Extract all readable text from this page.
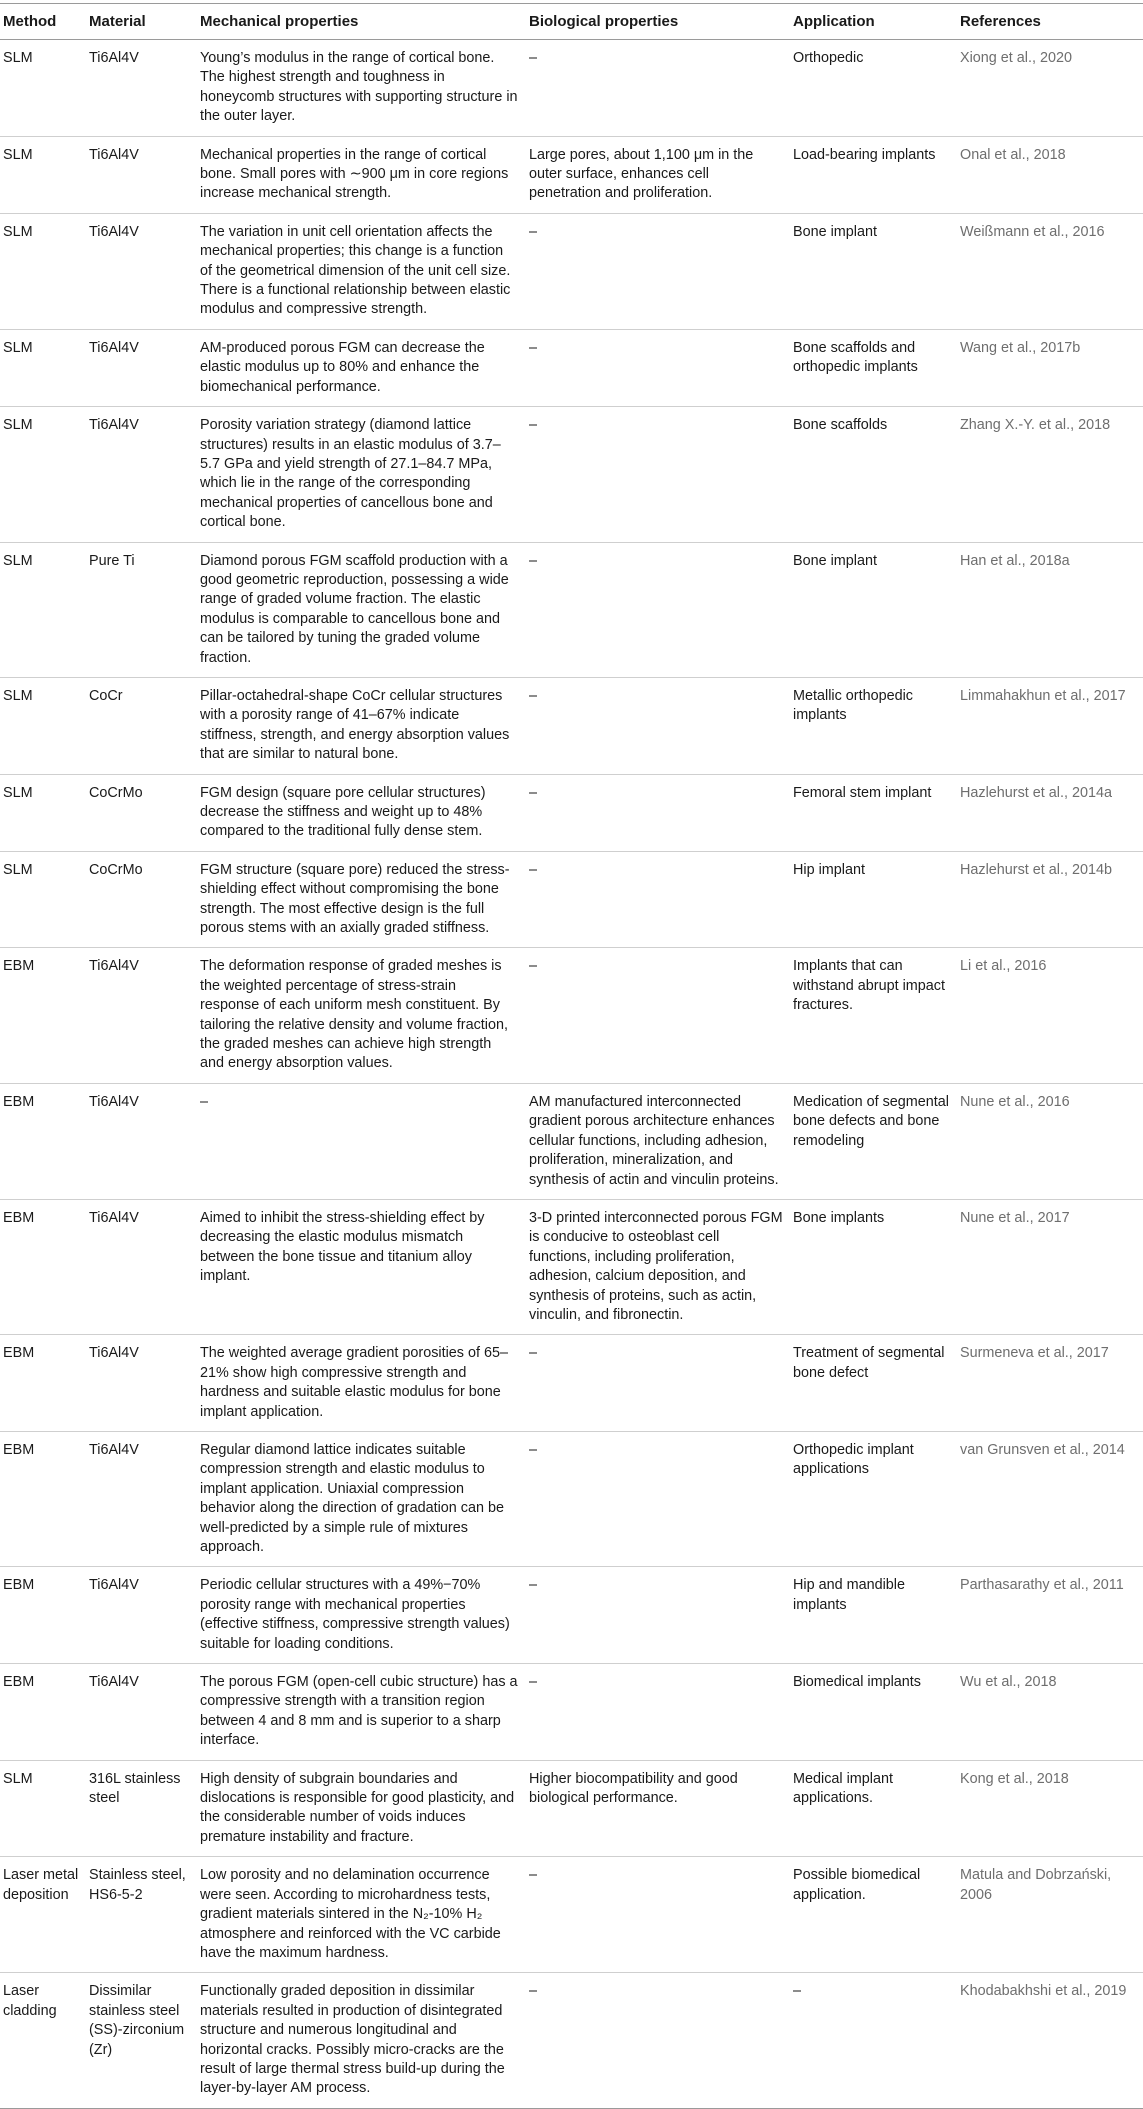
Method	Material	Mechanical properties	Biological properties	Application	References
SLM	Ti6Al4V	Young’s modulus in the range of cortical bone. The highest strength and toughness in honeycomb structures with supporting structure in the outer layer.	–	Orthopedic	Xiong et al., 2020
SLM	Ti6Al4V	Mechanical properties in the range of cortical bone. Small pores with ∼900 μm in core regions increase mechanical strength.	Large pores, about 1,100 μm in the outer surface, enhances cell penetration and proliferation.	Load-bearing implants	Onal et al., 2018
SLM	Ti6Al4V	The variation in unit cell orientation affects the mechanical properties; this change is a function of the geometrical dimension of the unit cell size. There is a functional relationship between elastic modulus and compressive strength.	–	Bone implant	Weißmann et al., 2016
SLM	Ti6Al4V	AM-produced porous FGM can decrease the elastic modulus up to 80% and enhance the biomechanical performance.	–	Bone scaffolds and orthopedic implants	Wang et al., 2017b
SLM	Ti6Al4V	Porosity variation strategy (diamond lattice structures) results in an elastic modulus of 3.7–5.7 GPa and yield strength of 27.1–84.7 MPa, which lie in the range of the corresponding mechanical properties of cancellous bone and cortical bone.	–	Bone scaffolds	Zhang X.-Y. et al., 2018
SLM	Pure Ti	Diamond porous FGM scaffold production with a good geometric reproduction, possessing a wide range of graded volume fraction. The elastic modulus is comparable to cancellous bone and can be tailored by tuning the graded volume fraction.	–	Bone implant	Han et al., 2018a
SLM	CoCr	Pillar-octahedral-shape CoCr cellular structures with a porosity range of 41–67% indicate stiffness, strength, and energy absorption values that are similar to natural bone.	–	Metallic orthopedic implants	Limmahakhun et al., 2017
SLM	CoCrMo	FGM design (square pore cellular structures) decrease the stiffness and weight up to 48% compared to the traditional fully dense stem.	–	Femoral stem implant	Hazlehurst et al., 2014a
SLM	CoCrMo	FGM structure (square pore) reduced the stress-shielding effect without compromising the bone strength. The most effective design is the full porous stems with an axially graded stiffness.	–	Hip implant	Hazlehurst et al., 2014b
EBM	Ti6Al4V	The deformation response of graded meshes is the weighted percentage of stress-strain response of each uniform mesh constituent. By tailoring the relative density and volume fraction, the graded meshes can achieve high strength and energy absorption values.	–	Implants that can withstand abrupt impact fractures.	Li et al., 2016
EBM	Ti6Al4V	–	AM manufactured interconnected gradient porous architecture enhances cellular functions, including adhesion, proliferation, mineralization, and synthesis of actin and vinculin proteins.	Medication of segmental bone defects and bone remodeling	Nune et al., 2016
EBM	Ti6Al4V	Aimed to inhibit the stress-shielding effect by decreasing the elastic modulus mismatch between the bone tissue and titanium alloy implant.	3-D printed interconnected porous FGM is conducive to osteoblast cell functions, including proliferation, adhesion, calcium deposition, and synthesis of proteins, such as actin, vinculin, and fibronectin.	Bone implants	Nune et al., 2017
EBM	Ti6Al4V	The weighted average gradient porosities of 65–21% show high compressive strength and hardness and suitable elastic modulus for bone implant application.	–	Treatment of segmental bone defect	Surmeneva et al., 2017
EBM	Ti6Al4V	Regular diamond lattice indicates suitable compression strength and elastic modulus to implant application. Uniaxial compression behavior along the direction of gradation can be well-predicted by a simple rule of mixtures approach.	–	Orthopedic implant applications	van Grunsven et al., 2014
EBM	Ti6Al4V	Periodic cellular structures with a 49%−70% porosity range with mechanical properties (effective stiffness, compressive strength values) suitable for loading conditions.	–	Hip and mandible implants	Parthasarathy et al., 2011
EBM	Ti6Al4V	The porous FGM (open-cell cubic structure) has a compressive strength with a transition region between 4 and 8 mm and is superior to a sharp interface.	–	Biomedical implants	Wu et al., 2018
SLM	316L stainless steel	High density of subgrain boundaries and dislocations is responsible for good plasticity, and the considerable number of voids induces premature instability and fracture.	Higher biocompatibility and good biological performance.	Medical implant applications.	Kong et al., 2018
Laser metal deposition	Stainless steel, HS6-5-2	Low porosity and no delamination occurrence were seen. According to microhardness tests, gradient materials sintered in the N₂-10% H₂ atmosphere and reinforced with the VC carbide have the maximum hardness.	–	Possible biomedical application.	Matula and Dobrzański, 2006
Laser cladding	Dissimilar stainless steel (SS)-zirconium (Zr)	Functionally graded deposition in dissimilar materials resulted in production of disintegrated structure and numerous longitudinal and horizontal cracks. Possibly micro-cracks are the result of large thermal stress build-up during the layer-by-layer AM process.	–	–	Khodabakhshi et al., 2019
